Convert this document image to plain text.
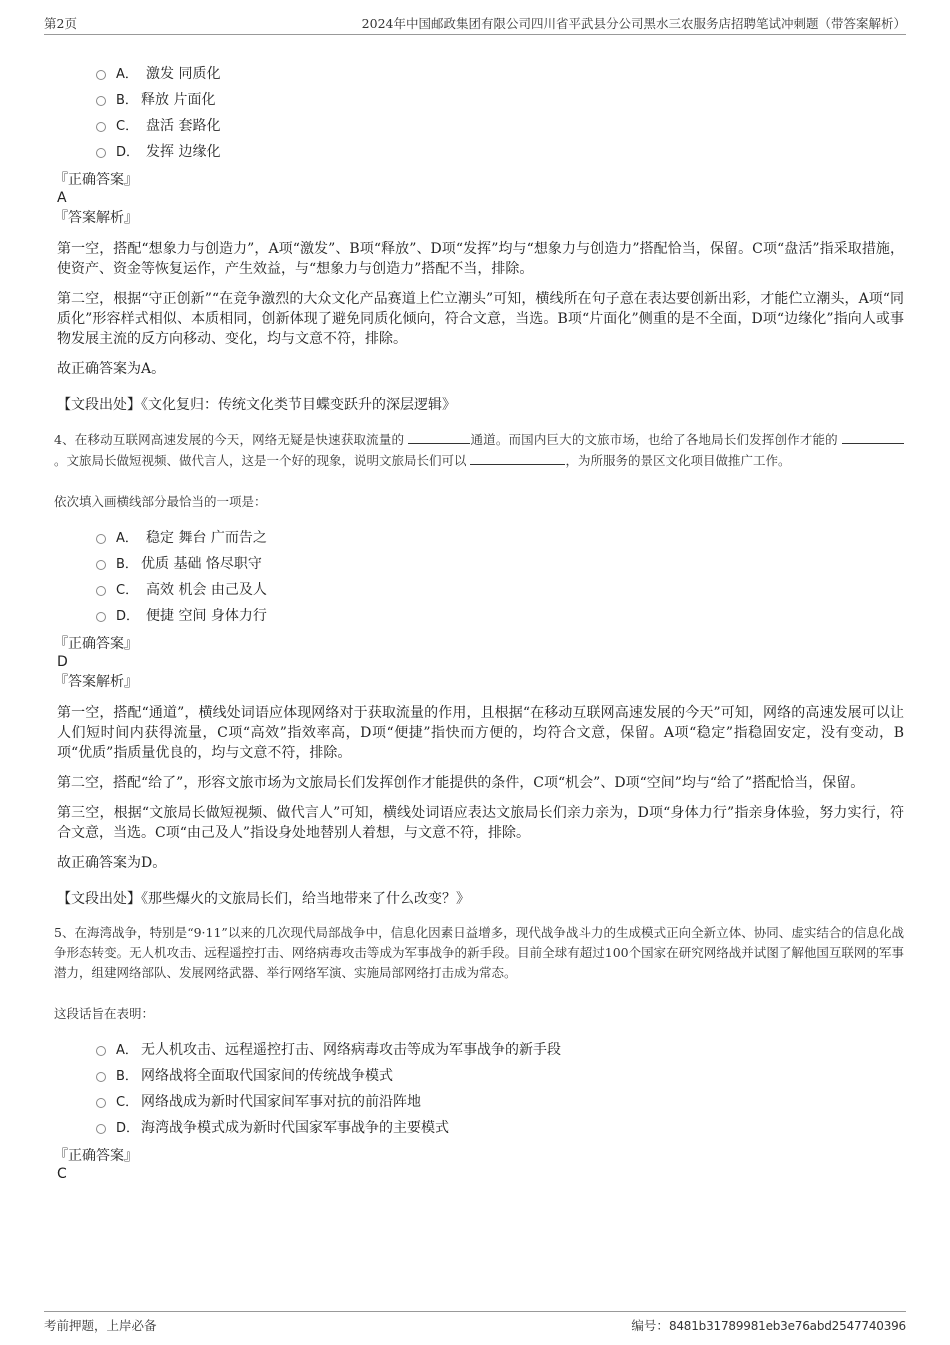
第2页	2024年中国邮政集团有限公司四川省平武县分公司黑水三农服务店招聘笔试冲刺题（带答案解析）
A． 激发 同质化
B． 释放 片面化
C． 盘活 套路化
D． 发挥 边缘化
『正确答案』
A
『答案解析』

第一空，搭配“想象力与创造力”，A项“激发”、B项“释放”、D项“发挥”均与“想象力与创造力”搭配恰当，保留。C项“盘活”指采取措施，使资产、资金等恢复运作，产生效益，与“想象力与创造力”搭配不当，排除。

第二空，根据“守正创新”“在竞争激烈的大众文化产品赛道上伫立潮头”可知，横线所在句子意在表达要创新出彩，才能伫立潮头，A项“同质化”形容样式相似、本质相同，创新体现了避免同质化倾向，符合文意，当选。B项“片面化”侧重的是不全面，D项“边缘化”指向人或事物发展主流的反方向移动、变化，均与文意不符，排除。

故正确答案为A。

【文段出处】《文化复归：传统文化类节目蝶变跃升的深层逻辑》

4、在移动互联网高速发展的今天，网络无疑是快速获取流量的	通道。而国内巨大的文旅市场，也给了各地局长们发挥创作才能的 。文旅局长做短视频、做代言人，这是一个好的现象，说明文旅局长们可以	，为所服务的景区文化项目做推广工作。

依次填入画横线部分最恰当的一项是：

A． 稳定 舞台 广而告之
B． 优质 基础 恪尽职守
C． 高效 机会 由己及人
D． 便捷 空间 身体力行
『正确答案』
D
『答案解析』

第一空，搭配“通道”，横线处词语应体现网络对于获取流量的作用，且根据“在移动互联网高速发展的今天”可知，网络的高速发展可以让人们短时间内获得流量，C项“高效”指效率高，D项“便捷”指快而方便的，均符合文意，保留。A项“稳定”指稳固安定，没有变动，B项“优质”指质量优良的，均与文意不符，排除。

第二空，搭配“给了”，形容文旅市场为文旅局长们发挥创作才能提供的条件，C项“机会”、D项“空间”均与“给了”搭配恰当，保留。

第三空，根据“文旅局长做短视频、做代言人”可知，横线处词语应表达文旅局长们亲力亲为，D项“身体力行”指亲身体验，努力实行，符合文意，当选。C项“由己及人”指设身处地替别人着想，与文意不符，排除。

故正确答案为D。

【文段出处】《那些爆火的文旅局长们，给当地带来了什么改变？》

5、在海湾战争，特别是“9·11”以来的几次现代局部战争中，信息化因素日益增多，现代战争战斗力的生成模式正向全新立体、协同、虚实结合的信息化战争形态转变。无人机攻击、远程遥控打击、网络病毒攻击等成为军事战争的新手段。目前全球有超过100个国家在研究网络战并试图了解他国互联网的军事潜力，组建网络部队、发展网络武器、举行网络军演、实施局部网络打击成为常态。

这段话旨在表明：

A． 无人机攻击、远程遥控打击、网络病毒攻击等成为军事战争的新手段
B． 网络战将全面取代国家间的传统战争模式
C． 网络战成为新时代国家间军事对抗的前沿阵地
D． 海湾战争模式成为新时代国家军事战争的主要模式
『正确答案』
C
考前押题，上岸必备	编号：8481b31789981eb3e76abd2547740396
